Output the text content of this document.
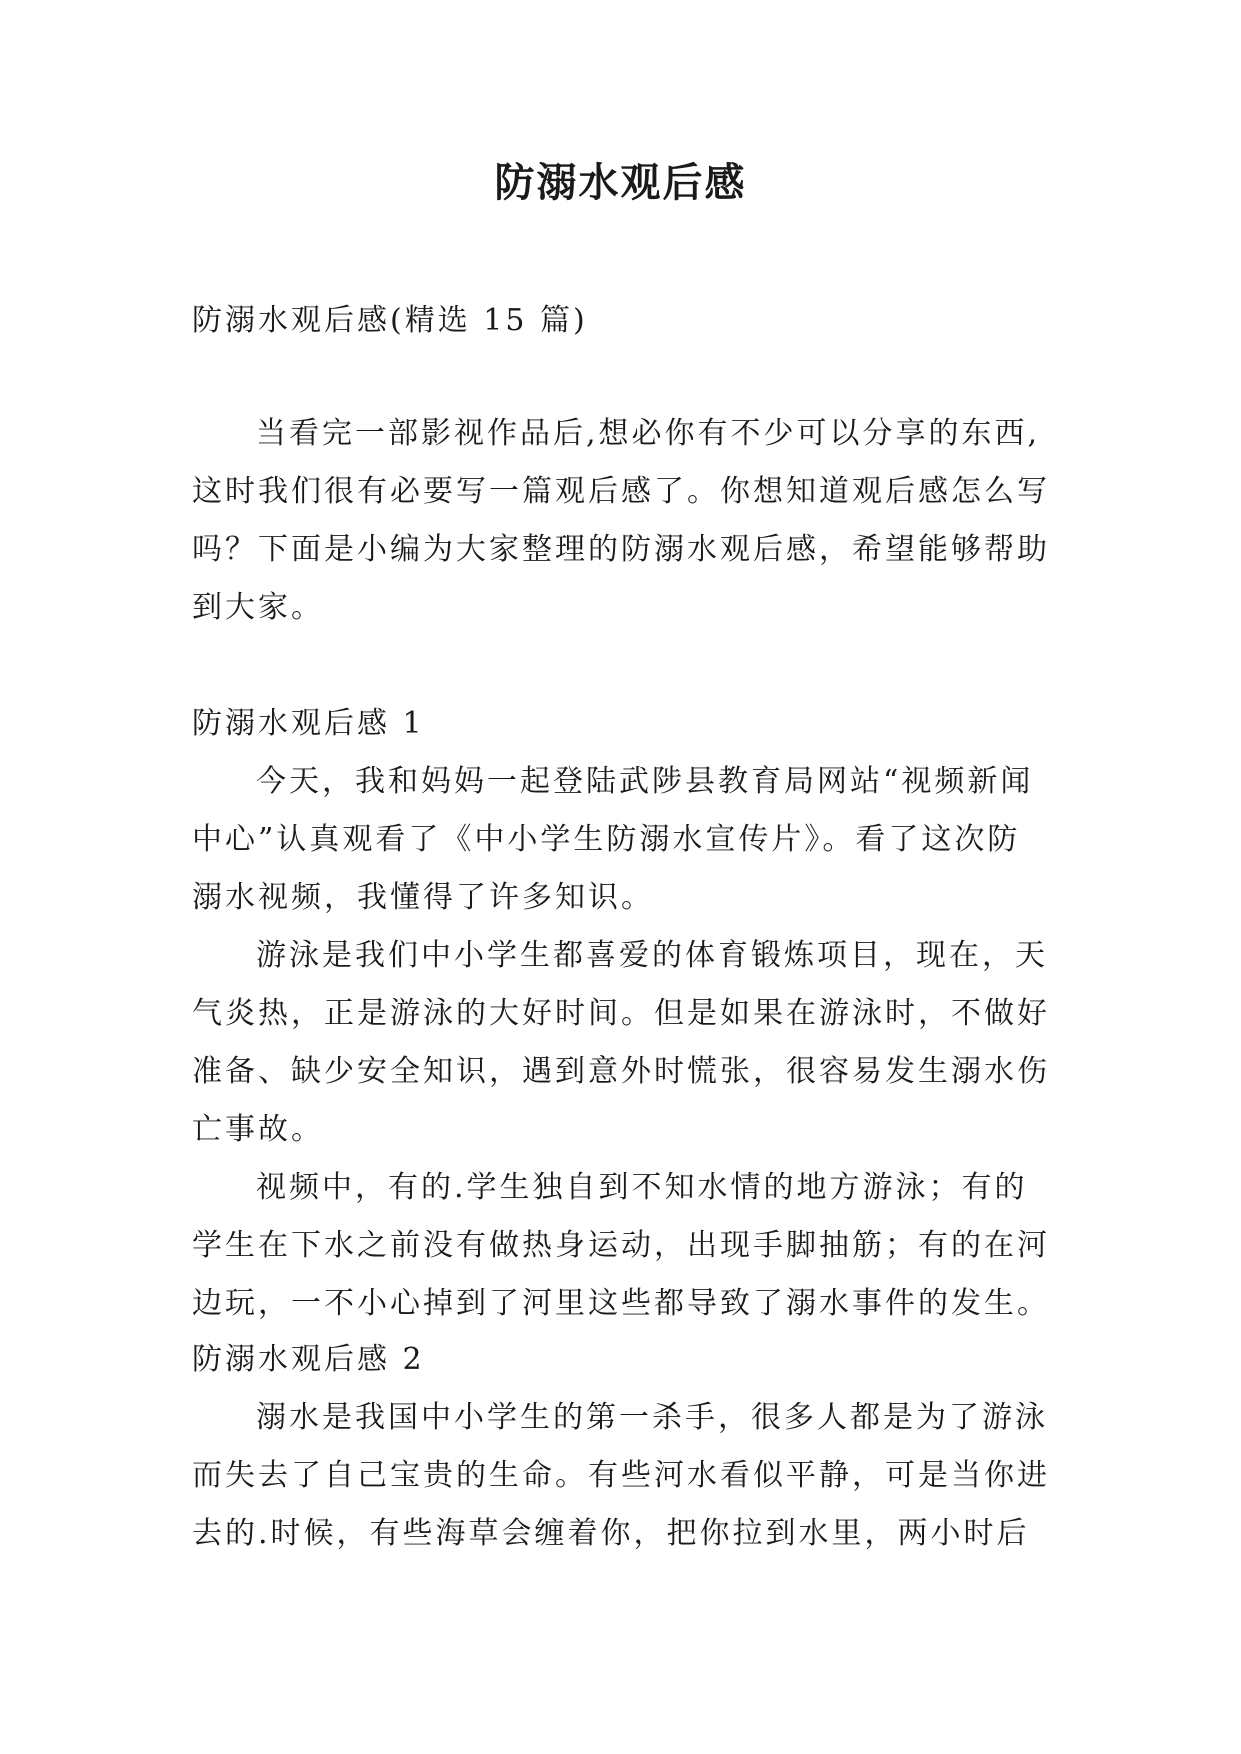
防溺水观后感
防溺水观后感(精选 15 篇)
当看完一部影视作品后,想必你有不少可以分享的东西,
这时我们很有必要写一篇观后感了。你想知道观后感怎么写
吗？下面是小编为大家整理的防溺水观后感，希望能够帮助
到大家。
防溺水观后感 1
今天，我和妈妈一起登陆武陟县教育局网站“视频新闻
中心”认真观看了《中小学生防溺水宣传片》。看了这次防
溺水视频，我懂得了许多知识。
游泳是我们中小学生都喜爱的体育锻炼项目，现在，天
气炎热，正是游泳的大好时间。但是如果在游泳时，不做好
准备、缺少安全知识，遇到意外时慌张，很容易发生溺水伤
亡事故。
视频中，有的.学生独自到不知水情的地方游泳；有的
学生在下水之前没有做热身运动，出现手脚抽筋；有的在河
边玩，一不小心掉到了河里这些都导致了溺水事件的发生。
防溺水观后感 2
溺水是我国中小学生的第一杀手，很多人都是为了游泳
而失去了自己宝贵的生命。有些河水看似平静，可是当你进
去的.时候，有些海草会缠着你，把你拉到水里，两小时后
